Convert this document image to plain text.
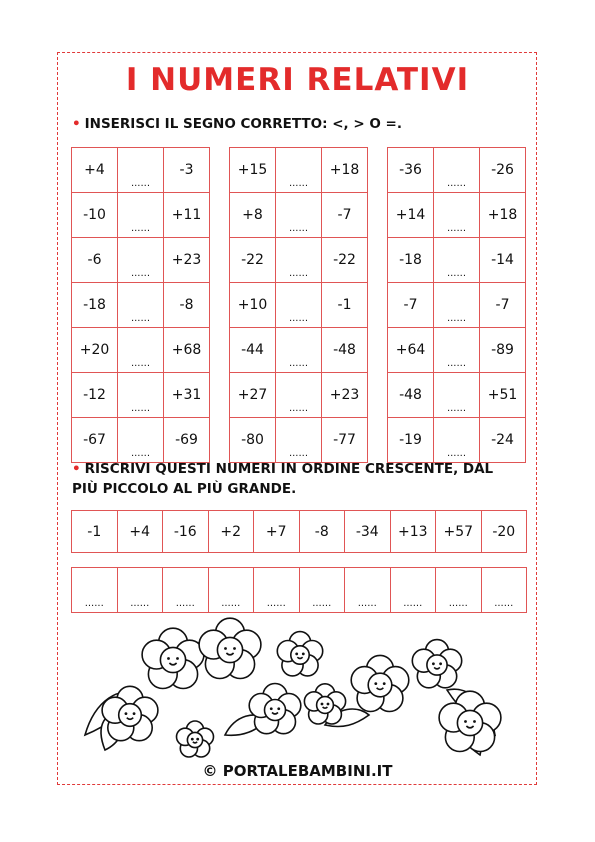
I NUMERI RELATIVI
• INSERISCI IL SEGNO CORRETTO: <, > O =.
+4	......	-3
-10	......	+11
-6	......	+23
-18	......	-8
+20	......	+68
-12	......	+31
-67	......	-69
+15	......	+18
+8	......	-7
-22	......	-22
+10	......	-1
-44	......	-48
+27	......	+23
-80	......	-77
-36	......	-26
+14	......	+18
-18	......	-14
-7	......	-7
+64	......	-89
-48	......	+51
-19	......	-24
• RISCRIVI QUESTI NUMERI IN ORDINE CRESCENTE, DAL
PIÙ PICCOLO AL PIÙ GRANDE.
-1	+4	-16	+2	+7	-8	-34	+13	+57	-20
......	......	......	......	......	......	......	......	......	......
© PORTALEBAMBINI.IT
